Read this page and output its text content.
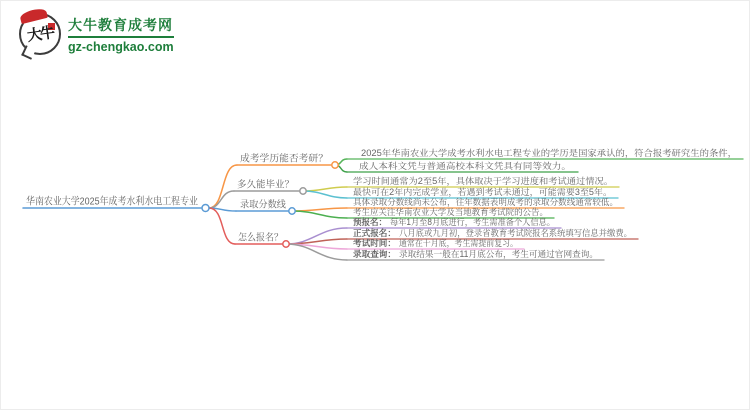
大牛 大牛教育成考网
gz-chengkao.com
华南农业大学2025年成考水利水电工程专业
成考学历能否考研？
多久能毕业？
录取分数线
怎么报名？
2025年华南农业大学成考水利水电工程专业的学历是国家承认的，符合报考研究生的条件，
成人本科文凭与普通高校本科文凭具有同等效力。
学习时间通常为2至5年，具体取决于学习进度和考试通过情况。
最快可在2年内完成学业，若遇到考试未通过，可能需要3至5年。
具体录取分数线尚未公布，往年数据表明成考的录取分数线通常较低。
考生应关注华南农业大学及当地教育考试院的公告。
预报名： 每年1月至8月底进行，考生需准备个人信息。
正式报名： 八月底或九月初，登录省教育考试院报名系统填写信息并缴费。
考试时间： 通常在十月底，考生需提前复习。
录取查询： 录取结果一般在11月底公布，考生可通过官网查询。
